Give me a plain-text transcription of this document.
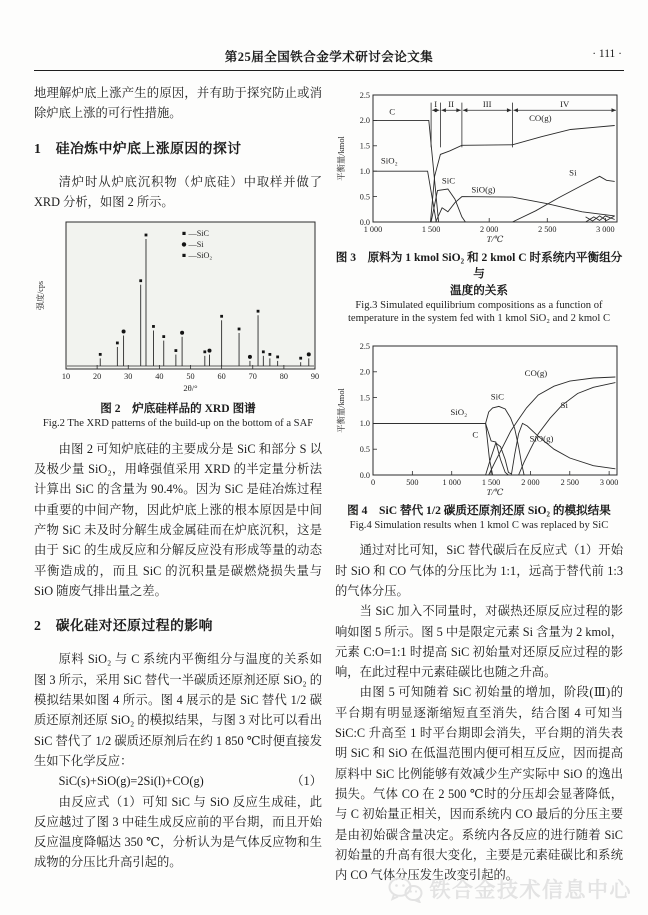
第25届全国铁合金学术研讨会论文集	· 111 ·

地理解炉底上涨产生的原因，并有助于探究防止或消除炉底上涨的可行性措施。

1　硅冶炼中炉底上涨原因的探讨

清炉时从炉底沉积物（炉底硅）中取样并做了 XRD 分析，如图 2 所示。

10	20	30	40	50	60	70	80	90
—SiC
—Si
—SiO₂
2θ/°
强度/cps
图 2　炉底硅样品的 XRD 图谱
Fig.2 The XRD patterns of the build-up on the bottom of a SAF

由图 2 可知炉底硅的主要成分是 SiC 和部分 S 以及极少量 SiO₂，用峰强值采用 XRD 的半定量分析法计算出 SiC 的含量为 90.4%。因为 SiC 是硅冶炼过程中重要的中间产物，因此炉底上涨的根本原因是中间产物 SiC 未及时分解生成金属硅而在炉底沉积，这是由于 SiC 的生成反应和分解反应没有形成等量的动态平衡造成的，而且 SiC 的沉积量是碳燃烧损失量与 SiO 随废气排出量之差。

2　碳化硅对还原过程的影响

原料 SiO₂ 与 C 系统内平衡组分与温度的关系如图 3 所示，采用 SiC 替代一半碳质还原剂还原 SiO₂ 的模拟结果如图 4 所示。图 4 展示的是 SiC 替代 1/2 碳质还原剂还原 SiO₂ 的模拟结果，与图 3 对比可以看出 SiC 替代了 1/2 碳质还原剂后在约 1 850 ℃时便直接发生如下化学反应：

SiC(s)+SiO(g)=2Si(l)+CO(g)	（1）

由反应式（1）可知 SiC 与 SiO 反应生成硅，此反应越过了图 3 中硅生成反应前的平台期，而且开始反应温度降幅达 350 ℃，分析认为是气体反应物和生成物的分压比升高引起的。

0.0
0.5
1.0
1.5
2.0
2.5
1 000	1 500	2 000	2 500	3 000
T/℃
平衡量/kmol
C
SiO₂
CO(g)
SiC
SiO(g)
Si
I II	III	IV
图 3　原料为 1 kmol SiO₂ 和 2 kmol C 时系统内平衡组分与
温度的关系
Fig.3 Simulated equilibrium compositions as a function of
temperature in the system fed with 1 kmol SiO₂ and 2 kmol C
0.0
0.5
1.0
1.5
2.0
2.5
0	500	1 000	1 500	2 000	2 500	3 000
T/℃
平衡量/kmol	SiO₂
C
SiC
CO(g)
Si
SiO(g)
图 4　SiC 替代 1/2 碳质还原剂还原 SiO₂ 的模拟结果
Fig.4 Simulation results when 1 kmol C was replaced by SiC

通过对比可知，SiC 替代碳后在反应式（1）开始时 SiO 和 CO 气体的分压比为 1:1，远高于替代前 1:3 的气体分压。

当 SiC 加入不同量时，对碳热还原反应过程的影响如图 5 所示。图 5 中是限定元素 Si 含量为 2 kmol，元素 C:O=1:1 时提高 SiC 初始量对还原反应过程的影响，在此过程中元素硅碳比也随之升高。

由图 5 可知随着 SiC 初始量的增加，阶段(Ⅲ)的平台期有明显逐渐缩短直至消失，结合图 4 可知当 SiC:C 升高至 1 时平台期即会消失，平台期的消失表明 SiC 和 SiO 在低温范围内便可相互反应，因而提高原料中 SiC 比例能够有效减少生产实际中 SiO 的逸出损失。气体 CO 在 2 500 ℃时的分压却会显著降低，与 C 初始量正相关，因而系统内 CO 最后的分压主要是由初始碳含量决定。系统内各反应的进行随着 SiC 初始量的升高有很大变化，主要是元素硅碳比和系统内 CO 气体分压发生改变引起的。

铁合金技术信息中心
